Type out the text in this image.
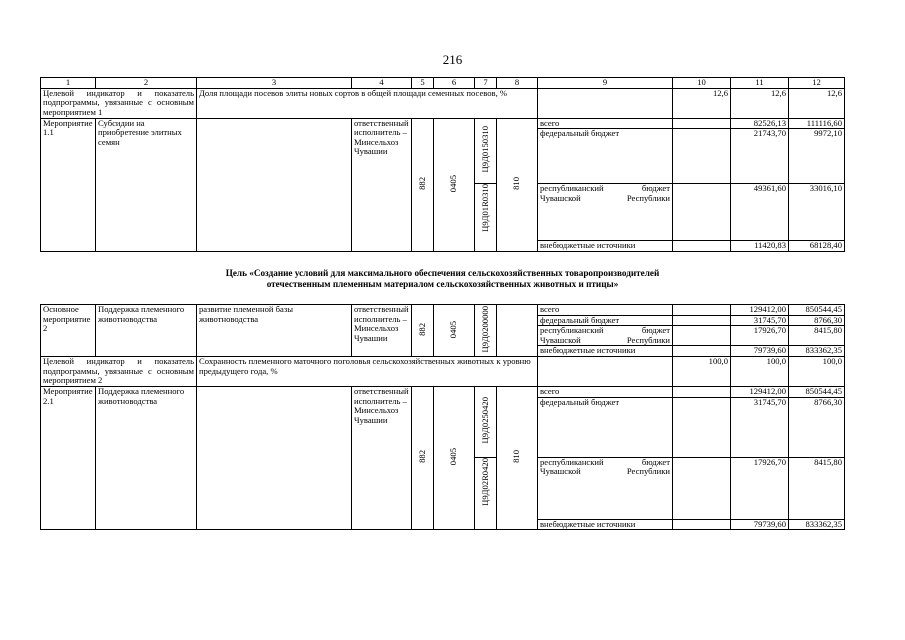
216
1	2	3	4	5	6	7	8	9	10	11	12
Целевой индикатор и показатель подпрограммы, увязанные с основным мероприятием 1		Доля площади посевов элиты новых сортов в общей площади семенных посевов, %							12,6	12,6	12,6
Мероприятие 1.1	Субсидии на приобретение элитных семян		ответственный исполнитель – Минсельхоз Чувашии	882	0405	Ц9Д0150310	810	всего		82526,13	111116,60
								федеральный бюджет		21743,70	9972,10
						Ц9Д01R0310		республиканский бюджет Чувашской Республики		49361,60	33016,10
								внебюджетные источники		11420,83	68128,40
Цель «Создание условий для максимального обеспечения сельскохозяйственных товаропроизводителей
отечественным племенным материалом сельскохозяйственных животных и птицы»
Основное мероприятие 2	Поддержка племенного животноводства	развитие племенной базы животноводства	ответственный исполнитель – Минсельхоз Чувашии	882	0405	Ц9Д0200000		всего		129412,00	850544,45
								федеральный бюджет		31745,70	8766,30
								республиканский бюджет Чувашской Республики		17926,70	8415,80
								внебюджетные источники		79739,60	833362,35
Целевой индикатор и показатель подпрограммы, увязанные с основным мероприятием 2		Сохранность племенного маточного поголовья сельскохозяйственных животных к уровню предыдущего года, %							100,0	100,0	100,0
Мероприятие 2.1	Поддержка племенного животноводства		ответственный исполнитель – Минсельхоз Чувашии	882	0405	Ц9Д0250420	810	всего		129412,00	850544,45
								федеральный бюджет		31745,70	8766,30
						Ц9Д02R0420		республиканский бюджет Чувашской Республики		17926,70	8415,80
								внебюджетные источники		79739,60	833362,35
